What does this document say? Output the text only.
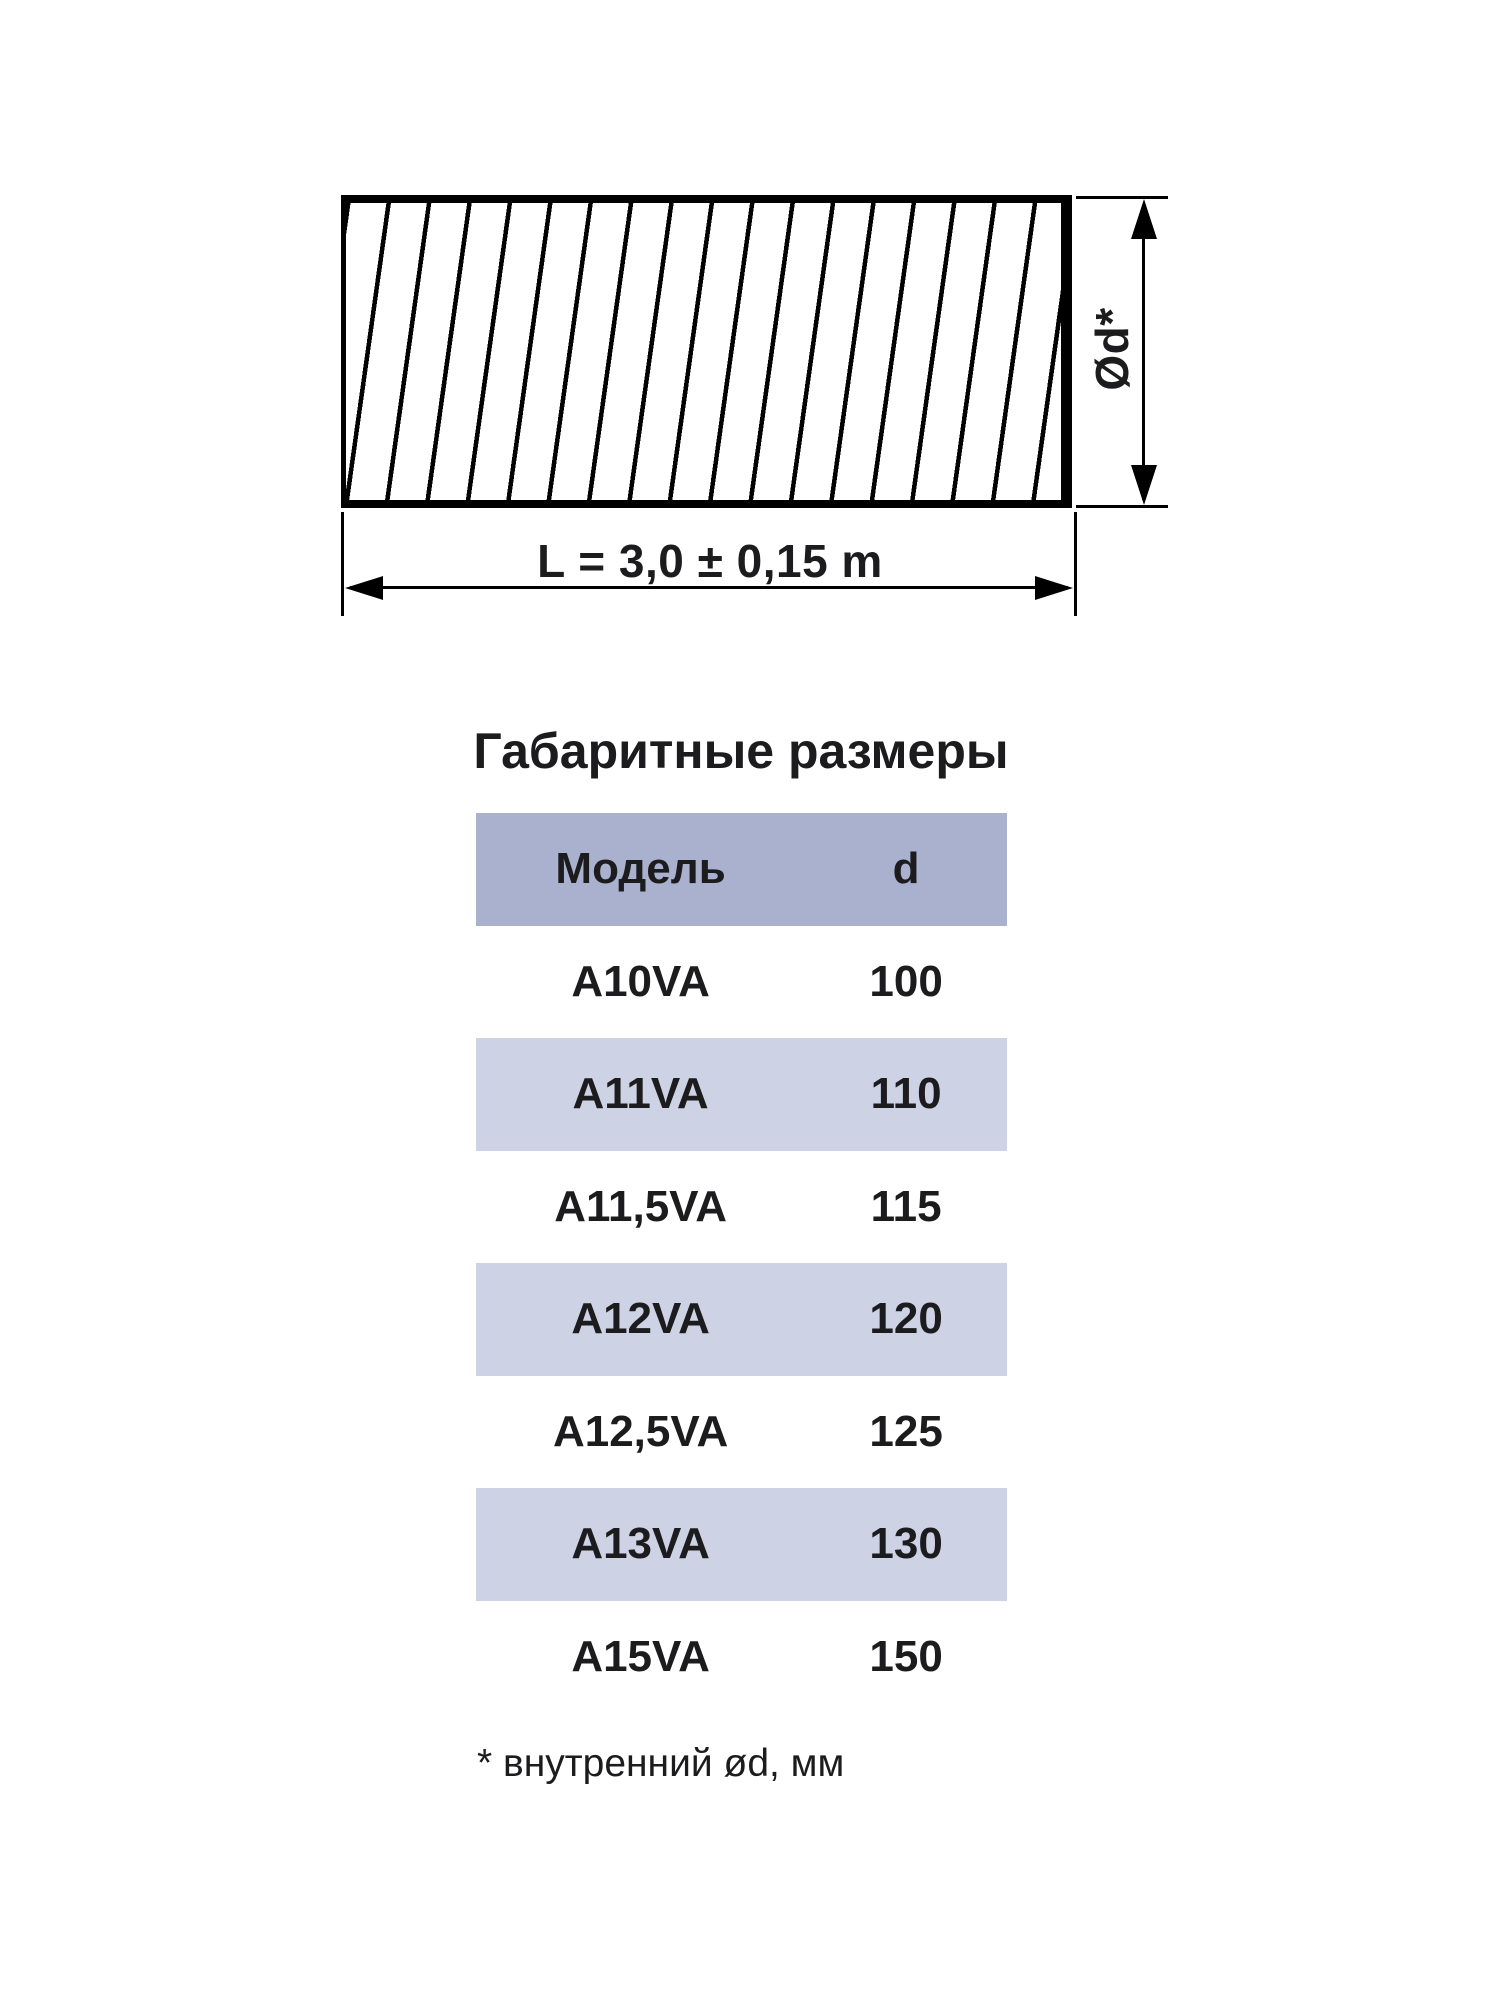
Ød*
L = 3,0 ± 0,15 m
Габаритные размеры
Модель	d
A10VA	100
A11VA	110
A11,5VA	115
A12VA	120
A12,5VA	125
A13VA	130
A15VA	150
* внутренний ød, мм
